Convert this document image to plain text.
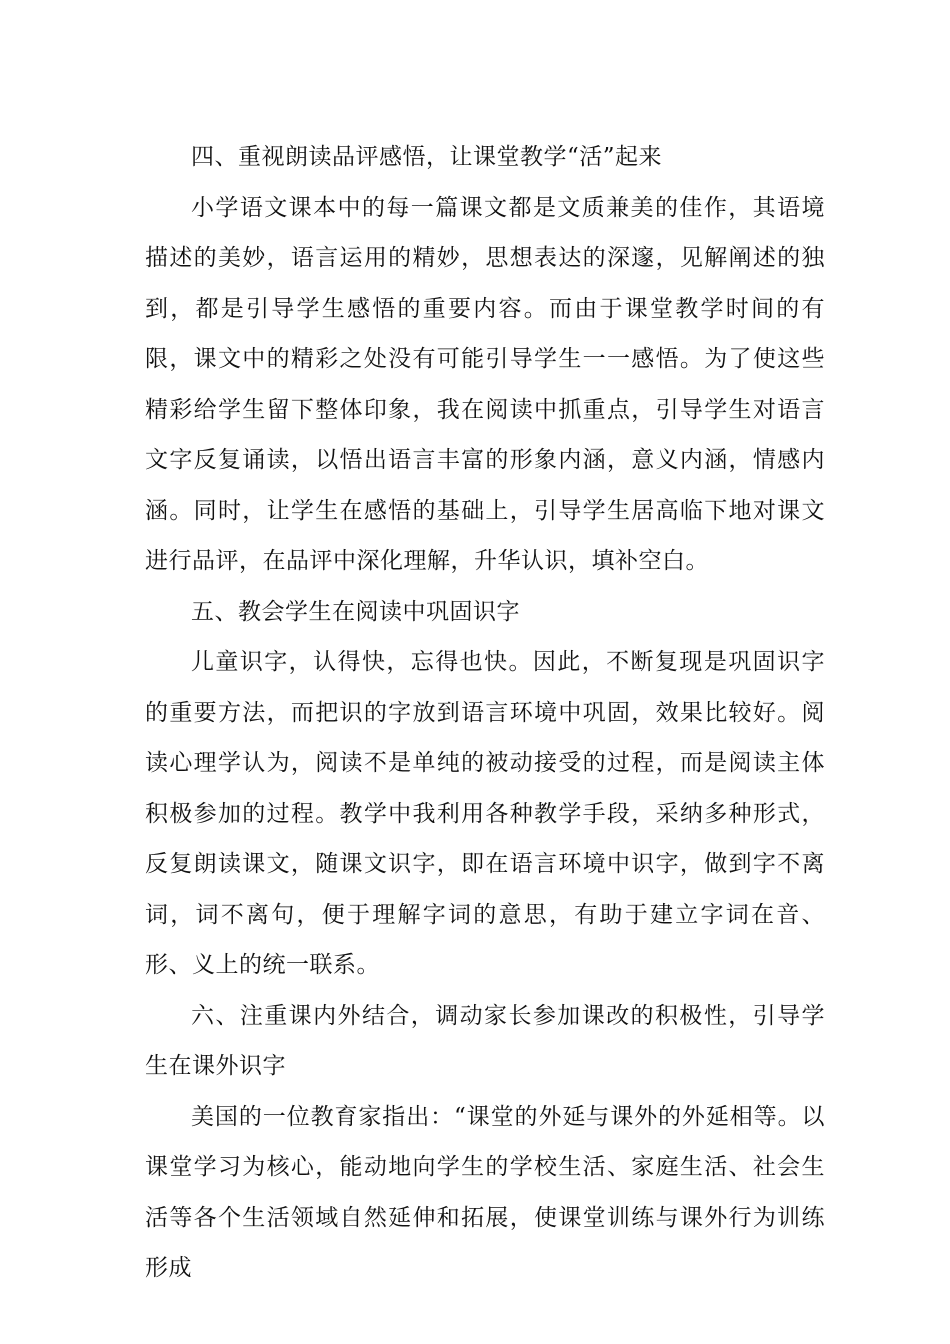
四、重视朗读品评感悟，让课堂教学“活”起来

小学语文课本中的每一篇课文都是文质兼美的佳作，其语境描述的美妙，语言运用的精妙，思想表达的深邃，见解阐述的独到，都是引导学生感悟的重要内容。而由于课堂教学时间的有限，课文中的精彩之处没有可能引导学生一一感悟。为了使这些精彩给学生留下整体印象，我在阅读中抓重点，引导学生对语言文字反复诵读，以悟出语言丰富的形象内涵，意义内涵，情感内涵。同时，让学生在感悟的基础上，引导学生居高临下地对课文进行品评，在品评中深化理解，升华认识，填补空白。

五、教会学生在阅读中巩固识字

儿童识字，认得快，忘得也快。因此，不断复现是巩固识字的重要方法，而把识的字放到语言环境中巩固，效果比较好。阅读心理学认为，阅读不是单纯的被动接受的过程，而是阅读主体积极参加的过程。教学中我利用各种教学手段，采纳多种形式，反复朗读课文，随课文识字，即在语言环境中识字，做到字不离词，词不离句，便于理解字词的意思，有助于建立字词在音、形、义上的统一联系。

六、注重课内外结合，调动家长参加课改的积极性，引导学生在课外识字

美国的一位教育家指出：“课堂的外延与课外的外延相等。以课堂学习为核心，能动地向学生的学校生活、家庭生活、社会生活等各个生活领域自然延伸和拓展，使课堂训练与课外行为训练形成
